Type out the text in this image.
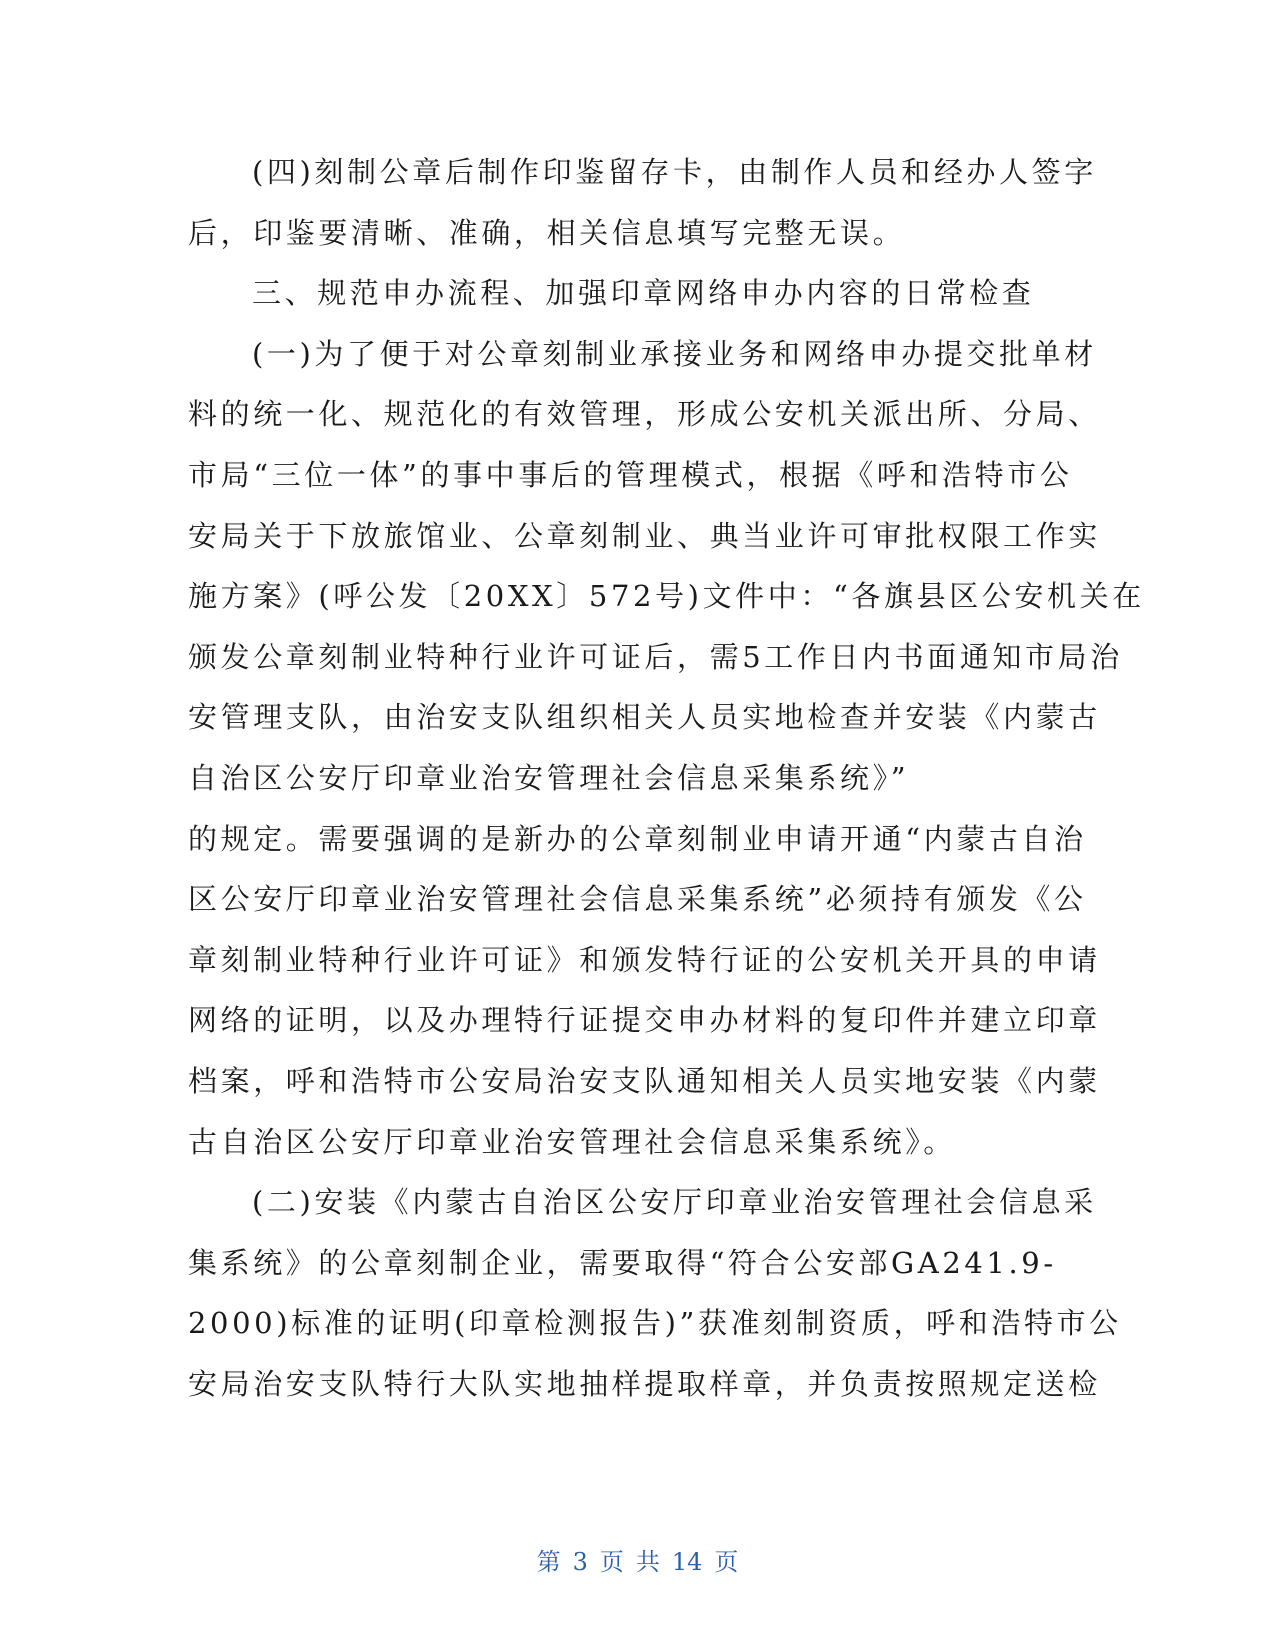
(四)刻制公章后制作印鉴留存卡，由制作人员和经办人签字
后，印鉴要清晰、准确，相关信息填写完整无误。
三、规范申办流程、加强印章网络申办内容的日常检查
(一)为了便于对公章刻制业承接业务和网络申办提交批单材
料的统一化、规范化的有效管理，形成公安机关派出所、分局、
市局“三位一体”的事中事后的管理模式，根据《呼和浩特市公
安局关于下放旅馆业、公章刻制业、典当业许可审批权限工作实
施方案》(呼公发〔20XX〕572号)文件中：“各旗县区公安机关在
颁发公章刻制业特种行业许可证后，需5工作日内书面通知市局治
安管理支队，由治安支队组织相关人员实地检查并安装《内蒙古
自治区公安厅印章业治安管理社会信息采集系统》”
的规定。需要强调的是新办的公章刻制业申请开通“内蒙古自治
区公安厅印章业治安管理社会信息采集系统”必须持有颁发《公
章刻制业特种行业许可证》和颁发特行证的公安机关开具的申请
网络的证明，以及办理特行证提交申办材料的复印件并建立印章
档案，呼和浩特市公安局治安支队通知相关人员实地安装《内蒙
古自治区公安厅印章业治安管理社会信息采集系统》。
(二)安装《内蒙古自治区公安厅印章业治安管理社会信息采
集系统》的公章刻制企业，需要取得“符合公安部GA241.9-
2000)标准的证明(印章检测报告)”获准刻制资质，呼和浩特市公
安局治安支队特行大队实地抽样提取样章，并负责按照规定送检
第 3 页 共 14 页
